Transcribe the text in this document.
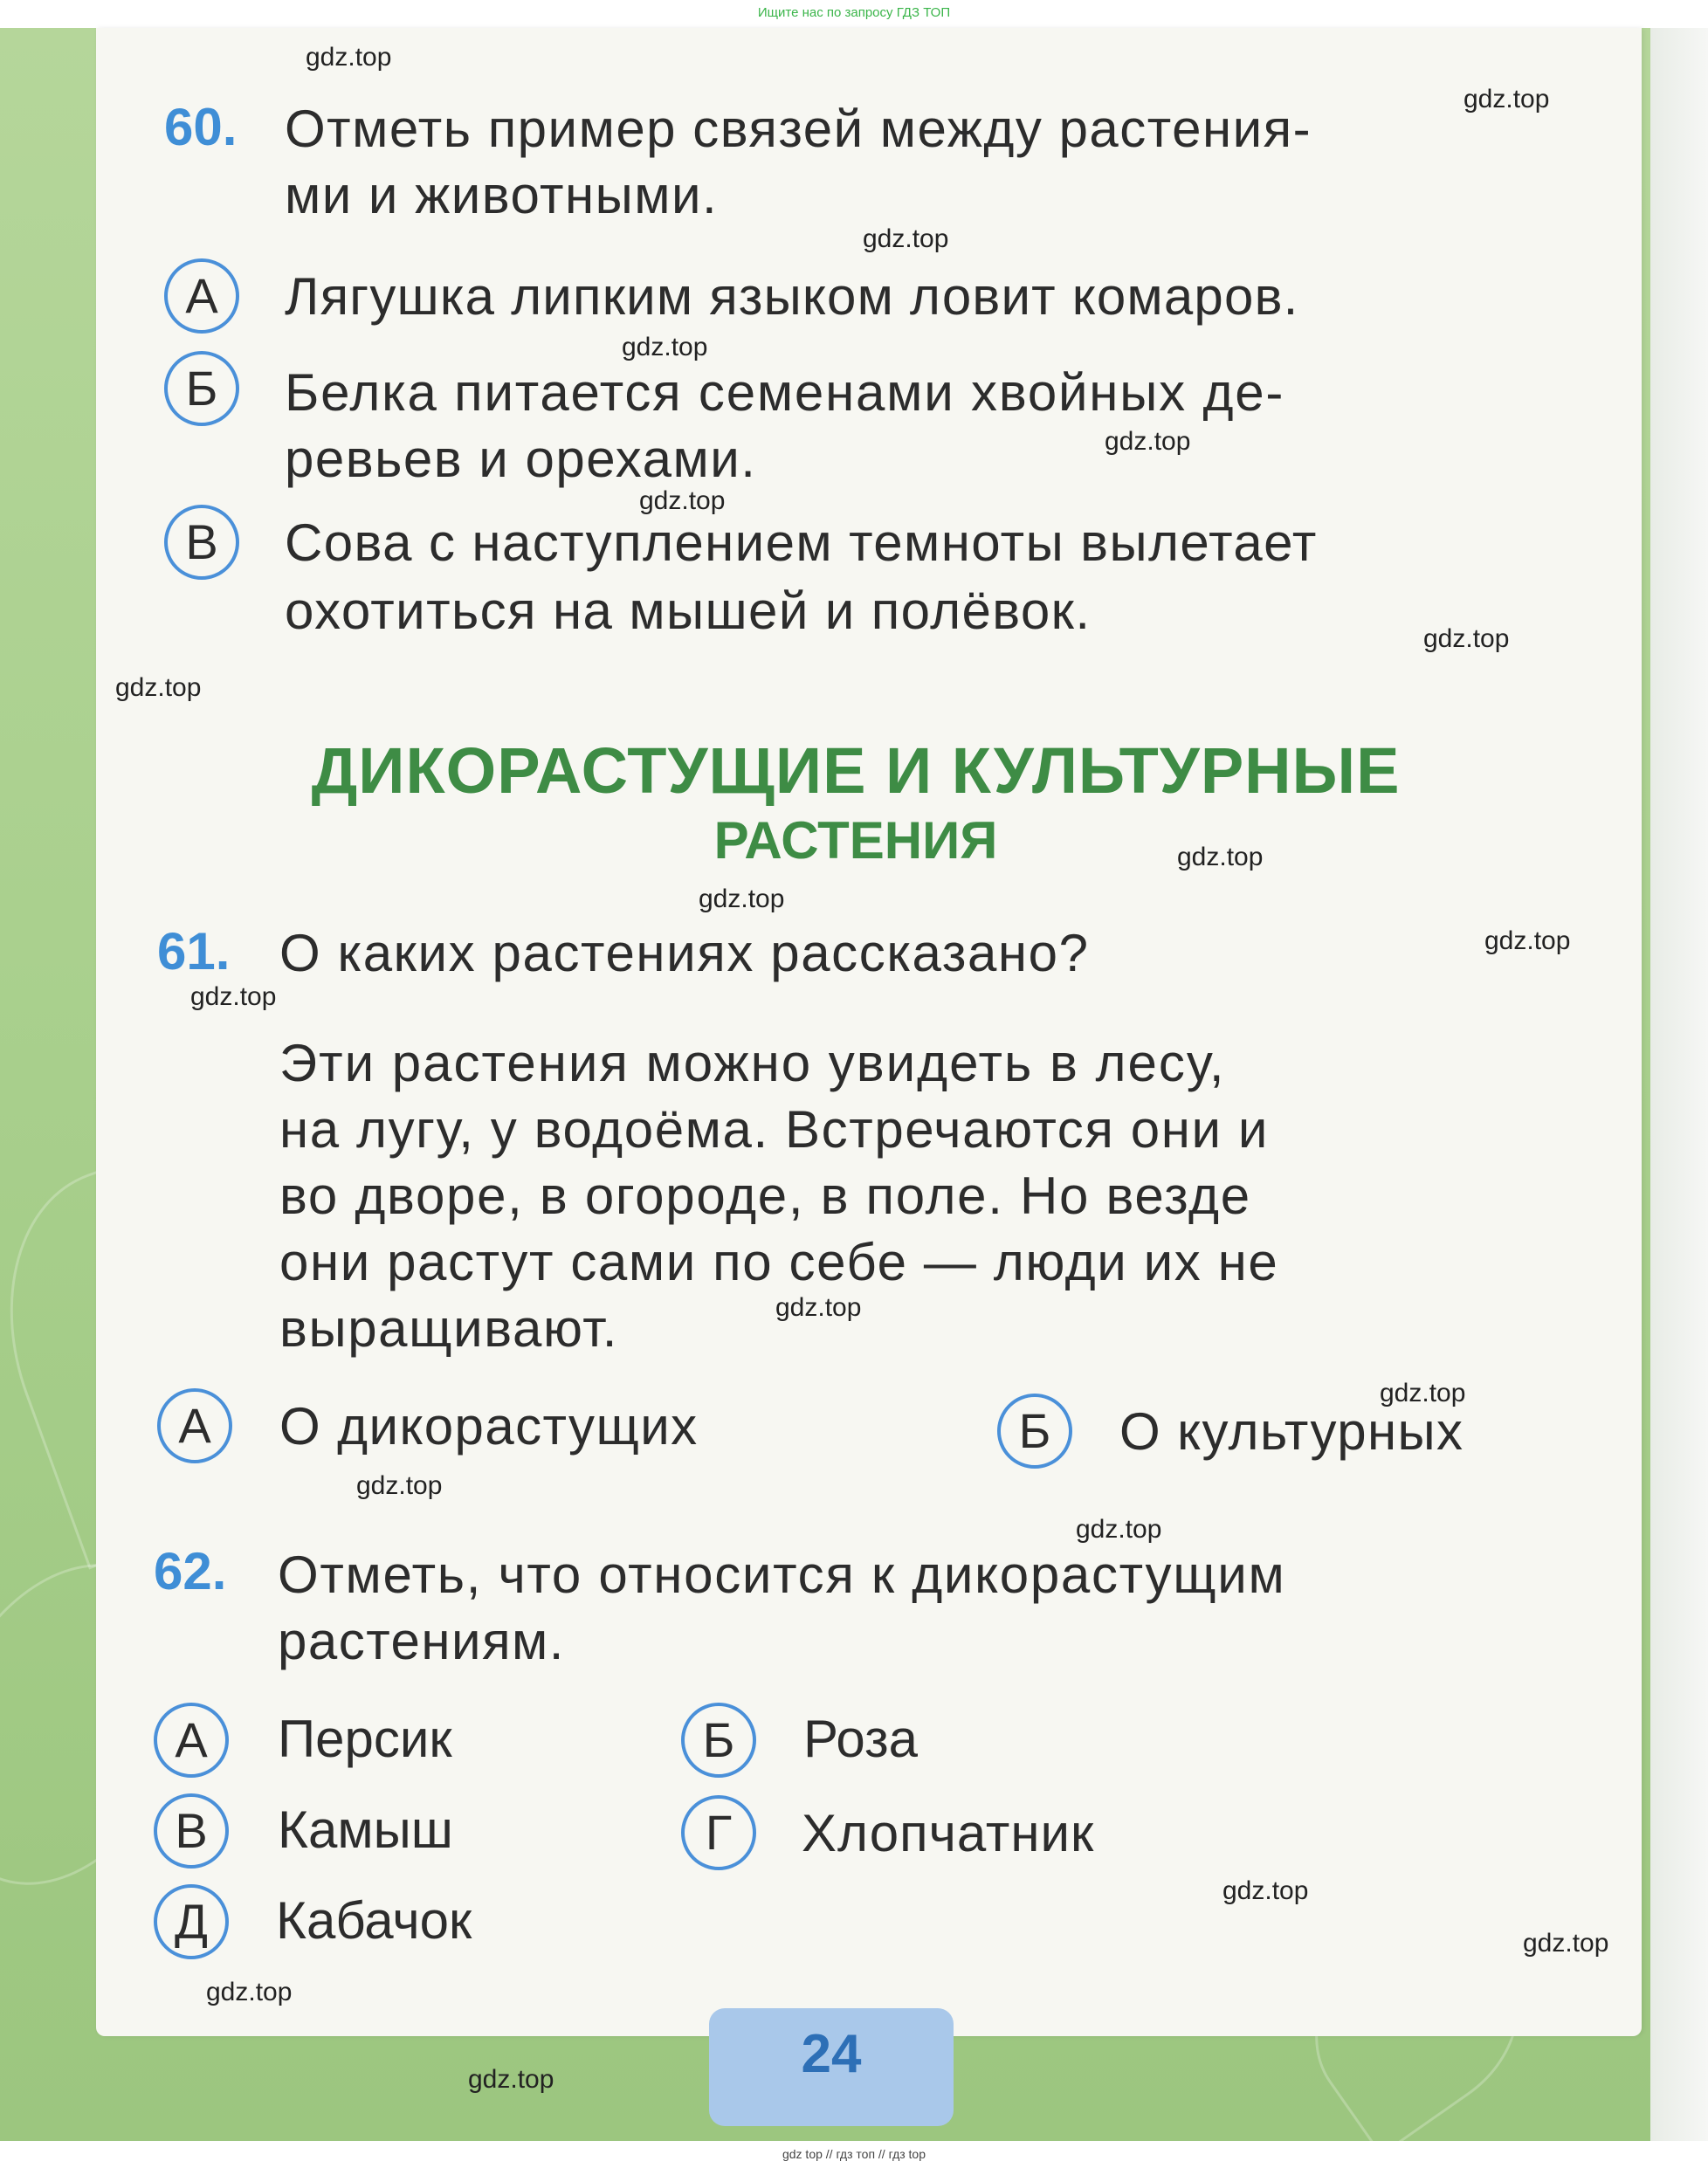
Ищите нас по запросу ГДЗ ТОП
24
60. Отметь пример связей между растения-
ми и животными.
А	Лягушка липким языком ловит комаров.
Б	Белка питается семенами хвойных де-
ревьев и орехами.
В	Сова с наступлением темноты вылетает
охотиться на мышей и полёвок.
ДИКОРАСТУЩИЕ И КУЛЬТУРНЫЕ
РАСТЕНИЯ
61. О каких растениях рассказано?
Эти растения можно увидеть в лесу,
на лугу, у водоёма. Встречаются они и
во дворе, в огороде, в поле. Но везде
они растут сами по себе — люди их не
выращивают.
А	О дикорастущих	Б	О культурных
62. Отметь, что относится к дикорастущим
растениям.
А	Персик	Б	Роза
В	Камыш	Г	Хлопчатник
Д	Кабачок
gdz.top
gdz.top
gdz.top
gdz.top
gdz.top
gdz.top
gdz.top
gdz.top
gdz.top
gdz.top
gdz.top
gdz.top
gdz.top
gdz.top
gdz.top
gdz.top
gdz.top
gdz.top
gdz.top
gdz.top
gdz top // гдз топ // гдз top
